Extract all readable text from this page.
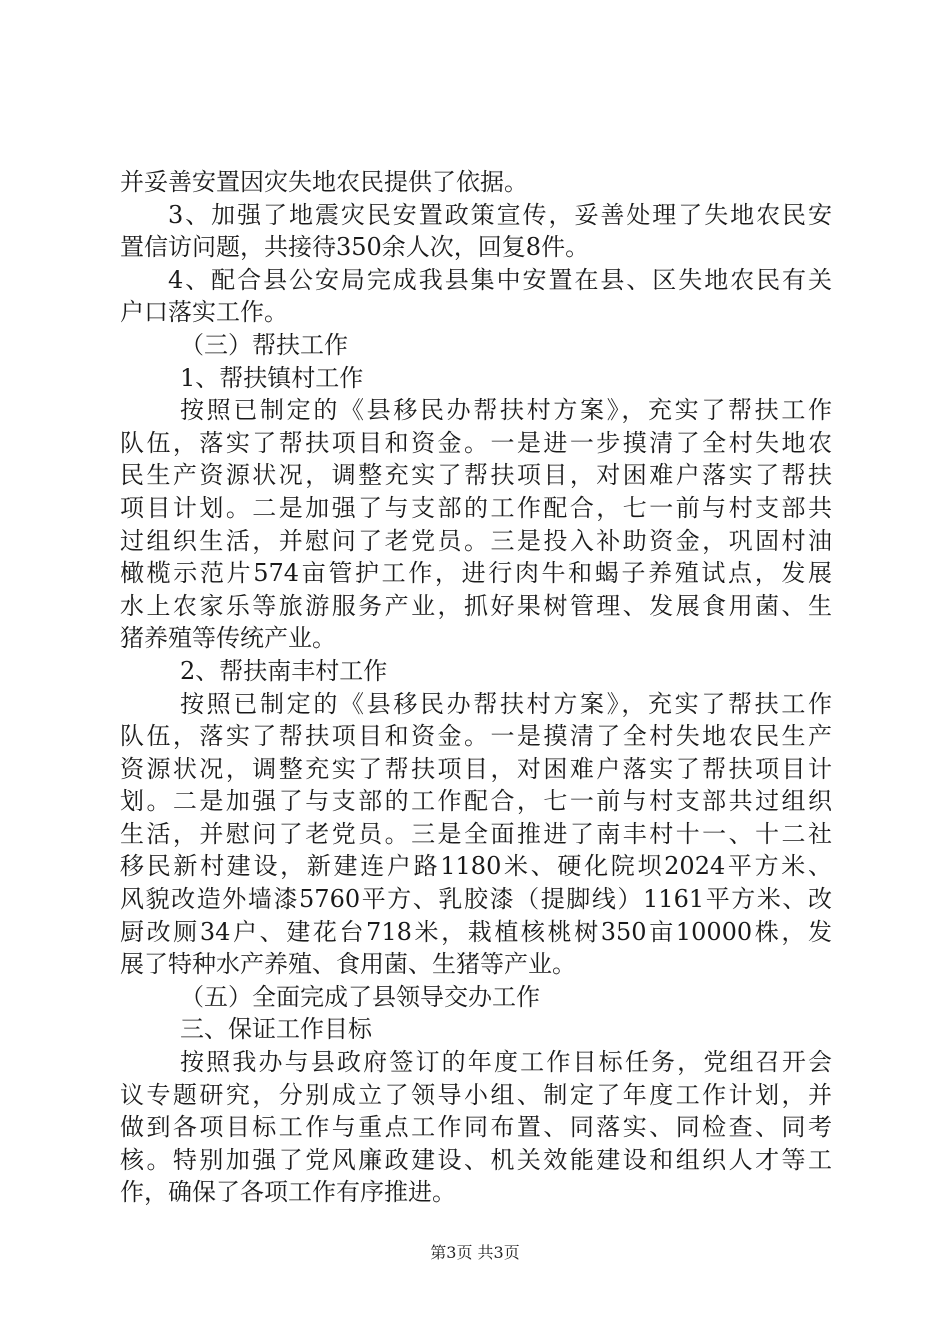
并妥善安置因灾失地农民提供了依据。
3、加强了地震灾民安置政策宣传，妥善处理了失地农民安
置信访问题，共接待350余人次，回复8件。
4、配合县公安局完成我县集中安置在县、区失地农民有关
户口落实工作。
（三）帮扶工作
1、帮扶镇村工作
按照已制定的《县移民办帮扶村方案》，充实了帮扶工作
队伍，落实了帮扶项目和资金。一是进一步摸清了全村失地农
民生产资源状况，调整充实了帮扶项目，对困难户落实了帮扶
项目计划。二是加强了与支部的工作配合，七一前与村支部共
过组织生活，并慰问了老党员。三是投入补助资金，巩固村油
橄榄示范片574亩管护工作，进行肉牛和蝎子养殖试点，发展
水上农家乐等旅游服务产业，抓好果树管理、发展食用菌、生
猪养殖等传统产业。
2、帮扶南丰村工作
按照已制定的《县移民办帮扶村方案》，充实了帮扶工作
队伍，落实了帮扶项目和资金。一是摸清了全村失地农民生产
资源状况，调整充实了帮扶项目，对困难户落实了帮扶项目计
划。二是加强了与支部的工作配合，七一前与村支部共过组织
生活，并慰问了老党员。三是全面推进了南丰村十一、十二社
移民新村建设，新建连户路1180米、硬化院坝2024平方米、
风貌改造外墙漆5760平方、乳胶漆（提脚线）1161平方米、改
厨改厕34户、建花台718米，栽植核桃树350亩10000株，发
展了特种水产养殖、食用菌、生猪等产业。
（五）全面完成了县领导交办工作
三、保证工作目标
按照我办与县政府签订的年度工作目标任务，党组召开会
议专题研究，分别成立了领导小组、制定了年度工作计划，并
做到各项目标工作与重点工作同布置、同落实、同检查、同考
核。特别加强了党风廉政建设、机关效能建设和组织人才等工
作，确保了各项工作有序推进。
第3页 共3页
